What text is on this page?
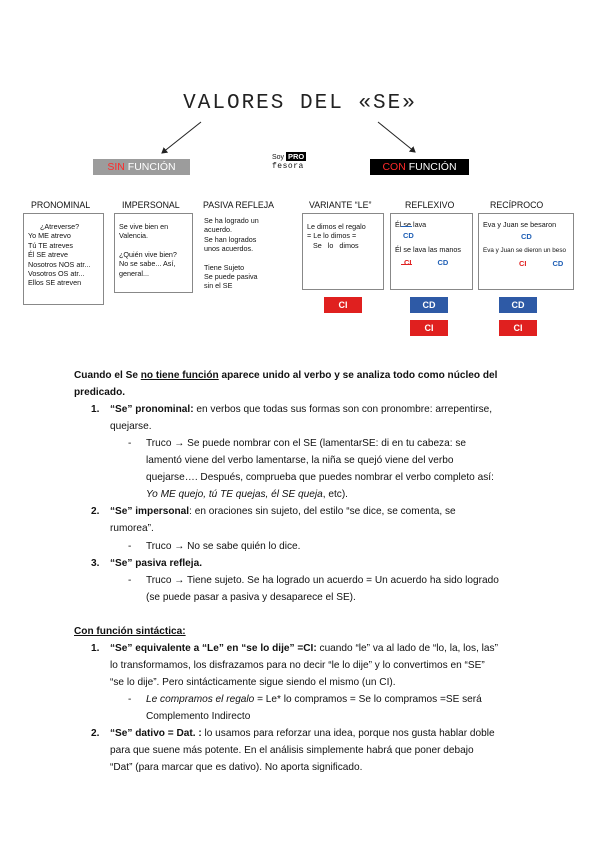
VALORES DEL «SE»
SIN FUNCIÓN	CON FUNCIÓN
Soy PRO
fesora
PRONOMINAL	IMPERSONAL	PASIVA REFLEJA	VARIANTE “LE”	REFLEXIVO	RECÍPROCO
¿Atreverse?
Yo ME atrevo
Tú TE atreves
Él SE atreve
Nosotros NOS atr...
Vosotros OS atr...
Ellos SE atreven
Se vive bien en
Valencia.
¿Quién vive bien?
No se sabe... Así,
general...
Se ha logrado un
acuerdo.
Se han logrados
unos acuerdos.
Tiene Sujeto
Se puede pasiva
sin el SE
Le dimos el regalo
= Le lo dimos =
Se   lo   dimos
Él se lava
CD
Él se lava las manos
CI	CD
Eva y Juan se besaron
CD
Eva y Juan se dieron un beso
CI	CD
CI	CD
CI
CD
CI
Cuando el Se no tiene función aparece unido al verbo y se analiza todo como núcleo del
predicado.
1. “Se” pronominal: en verbos que todas sus formas son con pronombre: arrepentirse,
quejarse.
- Truco → Se puede nombrar con el SE (lamentarSE: di en tu cabeza: se
lamentó viene del verbo lamentarse, la niña se quejó viene del verbo
quejarse…. Después, comprueba que puedes nombrar el verbo completo así:
Yo ME quejo, tú TE quejas, él SE queja, etc).
2. “Se” impersonal: en oraciones sin sujeto, del estilo “se dice, se comenta, se
rumorea”.
- Truco → No se sabe quién lo dice.
3. “Se” pasiva refleja.
- Truco → Tiene sujeto. Se ha logrado un acuerdo = Un acuerdo ha sido logrado
(se puede pasar a pasiva y desaparece el SE).
Con función sintáctica:
1. “Se” equivalente a “Le” en “se lo dije” =CI: cuando “le” va al lado de “lo, la, los, las”
lo transformamos, los disfrazamos para no decir “le lo dije” y lo convertimos en “SE”
“se lo dije”. Pero sintácticamente sigue siendo el mismo (un CI).
- Le compramos el regalo = Le* lo compramos = Se lo compramos =SE será
Complemento Indirecto
2. “Se” dativo = Dat. : lo usamos para reforzar una idea, porque nos gusta hablar doble
para que suene más potente. En el análisis simplemente habrá que poner debajo
“Dat” (para marcar que es dativo). No aporta significado.
